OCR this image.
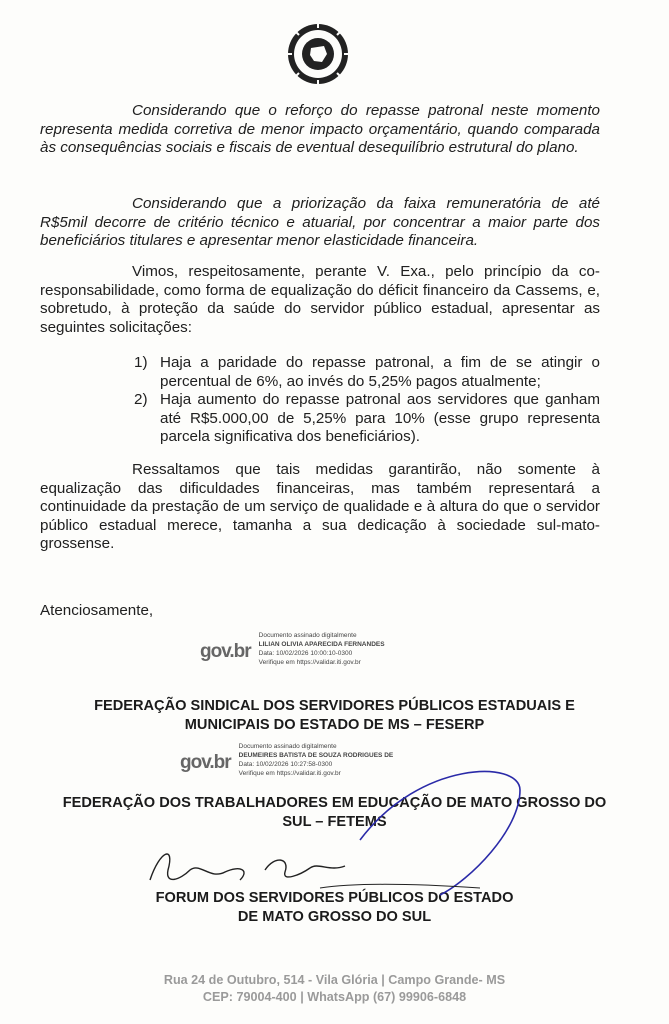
Considerando que o reforço do repasse patronal neste momento representa medida corretiva de menor impacto orçamentário, quando comparada às consequências sociais e fiscais de eventual desequilíbrio estrutural do plano.

Considerando que a priorização da faixa remuneratória de até R$5mil decorre de critério técnico e atuarial, por concentrar a maior parte dos beneficiários titulares e apresentar menor elasticidade financeira.

Vimos, respeitosamente, perante V. Exa., pelo princípio da co-responsabilidade, como forma de equalização do déficit financeiro da Cassems, e, sobretudo, à proteção da saúde do servidor público estadual, apresentar as seguintes solicitações:

1) Haja a paridade do repasse patronal, a fim de se atingir o percentual de 6%, ao invés do 5,25% pagos atualmente;
2) Haja aumento do repasse patronal aos servidores que ganham até R$5.000,00 de 5,25% para 10% (esse grupo representa parcela significativa dos beneficiários).

Ressaltamos que tais medidas garantirão, não somente à equalização das dificuldades financeiras, mas também representará a continuidade da prestação de um serviço de qualidade e à altura do que o servidor público estadual merece, tamanha a sua dedicação à sociedade sul-mato-grossense.

Atenciosamente,
gov.br
Documento assinado digitalmente
LILIAN OLIVIA APARECIDA FERNANDES
Data: 10/02/2026 10:00:10-0300
Verifique em https://validar.iti.gov.br
FEDERAÇÃO SINDICAL DOS SERVIDORES PÚBLICOS ESTADUAIS E
MUNICIPAIS DO ESTADO DE MS – FESERP
gov.br
Documento assinado digitalmente
DEUMEIRES BATISTA DE SOUZA RODRIGUES DE
Data: 10/02/2026 10:27:58-0300
Verifique em https://validar.iti.gov.br
FEDERAÇÃO DOS TRABALHADORES EM EDUCAÇÃO DE MATO GROSSO DO
SUL – FETEMS
FORUM DOS SERVIDORES PÚBLICOS DO ESTADO
DE MATO GROSSO DO SUL
Rua 24 de Outubro, 514 - Vila Glória | Campo Grande- MS
CEP: 79004-400 | WhatsApp (67) 99906-6848
